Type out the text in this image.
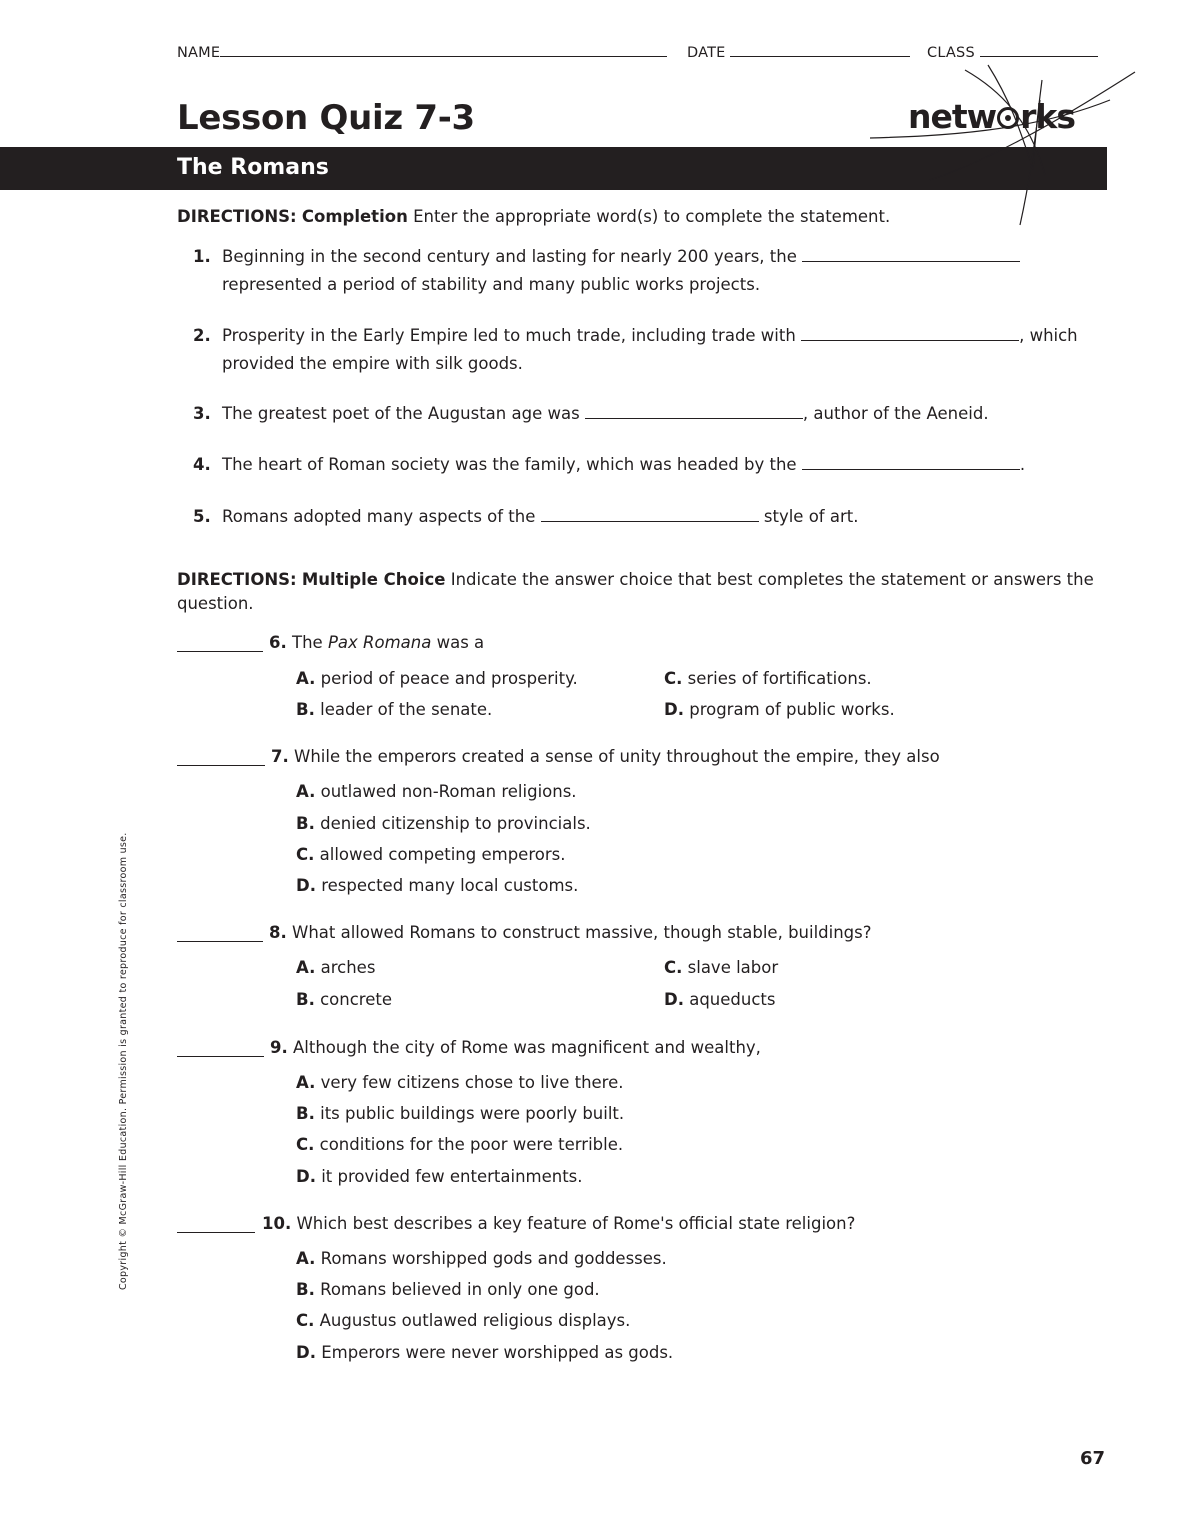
NAME	DATE	CLASS
Lesson Quiz 7-3
The Romans
netw rks
DIRECTIONS: Completion Enter the appropriate word(s) to complete the statement.
1. Beginning in the second century and lasting for nearly 200 years, the
represented a period of stability and many public works projects.
2. Prosperity in the Early Empire led to much trade, including trade with	, which
provided the empire with silk goods.
3. The greatest poet of the Augustan age was	, author of the Aeneid.
4. The heart of Roman society was the family, which was headed by the	.
5. Romans adopted many aspects of the	style of art.
DIRECTIONS: Multiple Choice Indicate the answer choice that best completes the statement or answers the question.
6. The Pax Romana was a
A. period of peace and prosperity.	C. series of fortifications.
B. leader of the senate.	D. program of public works.
7. While the emperors created a sense of unity throughout the empire, they also
A. outlawed non-Roman religions.
B. denied citizenship to provincials.
C. allowed competing emperors.
D. respected many local customs.
8. What allowed Romans to construct massive, though stable, buildings?
A. arches	C. slave labor
B. concrete	D. aqueducts
9. Although the city of Rome was magnificent and wealthy,
A. very few citizens chose to live there.
B. its public buildings were poorly built.
C. conditions for the poor were terrible.
D. it provided few entertainments.
10. Which best describes a key feature of Rome's official state religion?
A. Romans worshipped gods and goddesses.
B. Romans believed in only one god.
C. Augustus outlawed religious displays.
D. Emperors were never worshipped as gods.
Copyright © McGraw-Hill Education. Permission is granted to reproduce for classroom use.
67
